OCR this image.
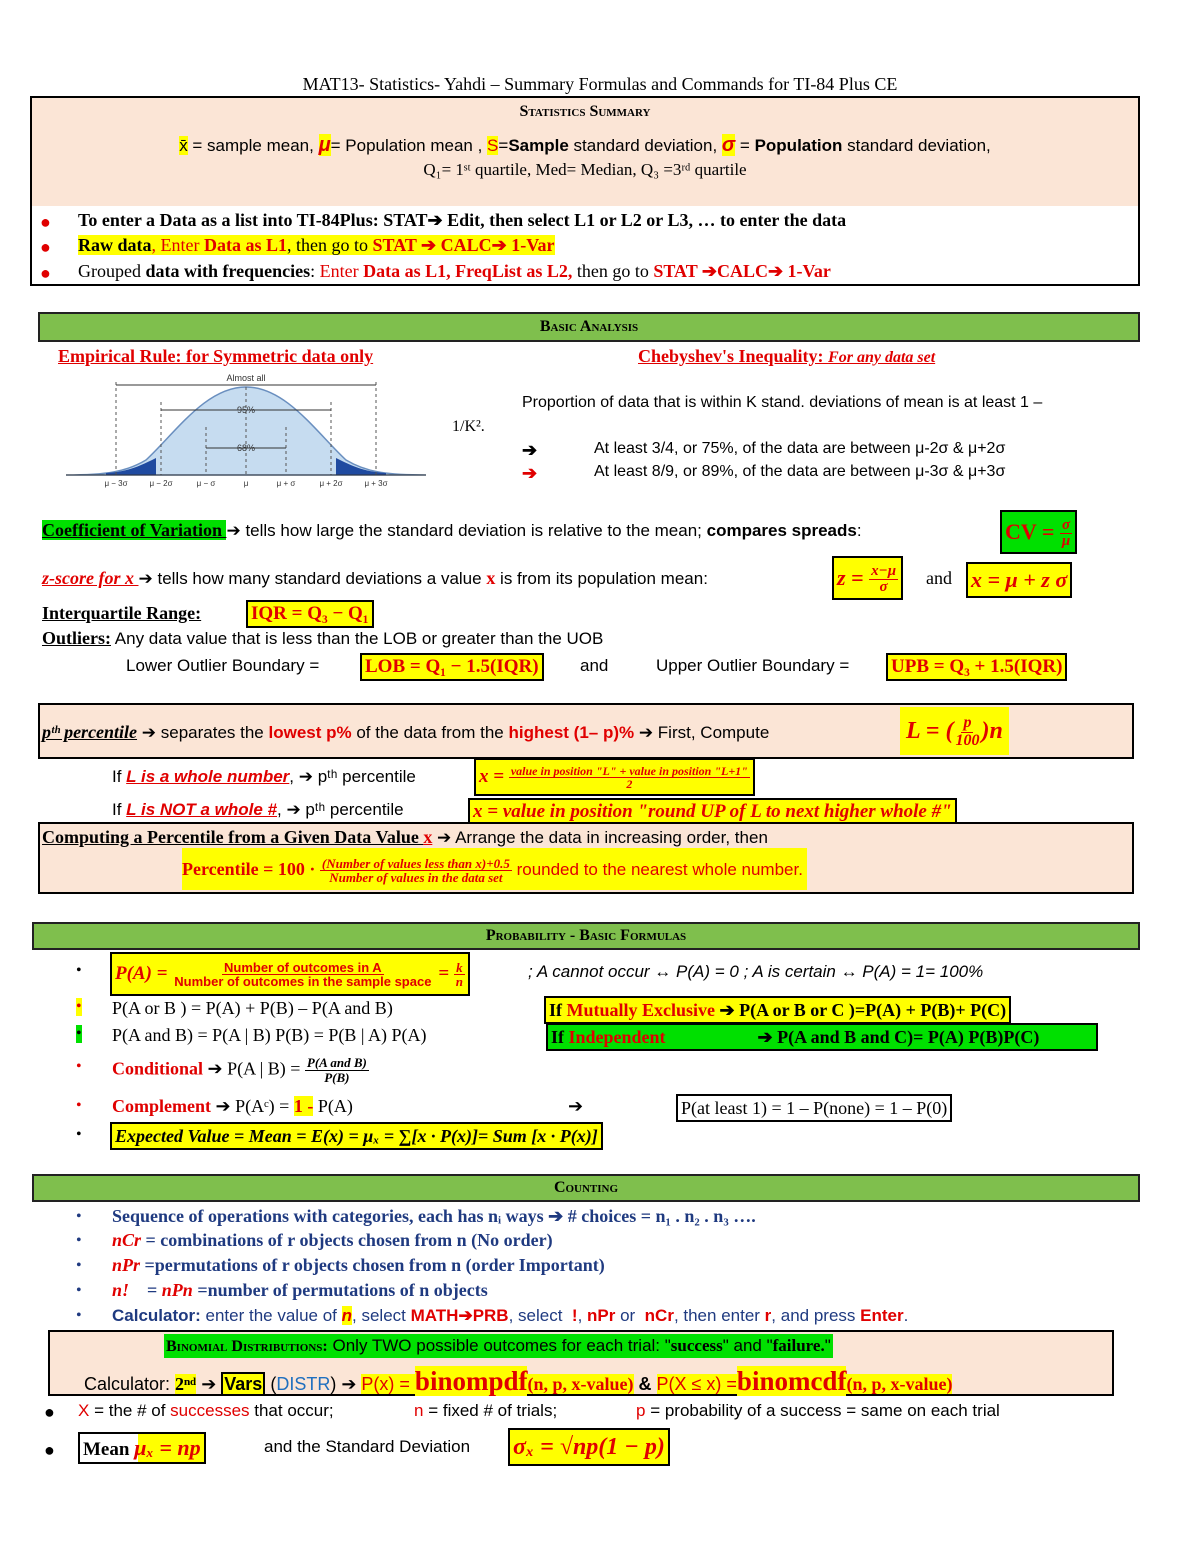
MAT13- Statistics- Yahdi – Summary Formulas and Commands for TI-84 Plus CE
Statistics Summary
x̄ = sample mean, μ= Population mean , S=Sample standard deviation, σ = Population standard deviation,
Q₁= 1ˢᵗ quartile, Med= Median, Q₃ =3ʳᵈ quartile
● To enter a Data as a list into TI-84Plus: STAT➔ Edit, then select L1 or L2 or L3, … to enter the data
● Raw data, Enter Data as L1, then go to STAT ➔ CALC➔ 1-Var
● Grouped data with frequencies: Enter Data as L1, FreqList as L2, then go to STAT ➔CALC➔ 1-Var
Basic Analysis
Empirical Rule: for Symmetric data only	Chebyshev's Inequality: For any data set
Almost all
95%
68%
μ − 3σ	μ − 2σ	μ − σ	μ	μ + σ	μ + 2σ	μ + 3σ
Proportion of data that is within K stand. deviations of mean is at least 1 –
1/K².
➔	At least 3/4, or 75%, of the data are between μ-2σ & μ+2σ
➔	At least 8/9, or 89%, of the data are between μ-3σ & μ+3σ
Coefficient of Variation ➔ tells how large the standard deviation is relative to the mean; compares spreads:	CV = $\frac{\sigma}{\mu}$
z-score for x ➔ tells how many standard deviations a value x is from its population mean:	$z = \frac{x-\mu}{\sigma}$ and x = μ + z σ
Interquartile Range:	IQR = Q₃ − Q₁
Outliers: Any data value that is less than the LOB or greater than the UOB
Lower Outlier Boundary = LOB = Q₁ − 1.5(IQR) and	Upper Outlier Boundary = UPB = Q₃ + 1.5(IQR)
pᵗʰ percentile ➔ separates the lowest p% of the data from the highest (1– p)% ➔ First, Compute	L = ( $\frac{p}{100} )n$
If L is a whole number, ➔ pᵗʰ percentile	$x = \frac{\text{value in position "L" + value in position "L+1"}}{2}$
If L is NOT a whole #, ➔ pᵗʰ percentile	x = value in position "round UP of L to next higher whole #"
Computing a Percentile from a Given Data Value x ➔ Arrange the data in increasing order, then
Percentile = $100 \cdot \frac{\text{(Number of values less than x)+0.5}}{\text{Number of values in the data set}}$ rounded to the nearest whole number.
Probability - Basic Formulas
• $P(A) = \frac{\text{Number of outcomes in A}}{\text{Number of outcomes in the sample space}} = \frac{k}{n}$	; A cannot occur ↔ P(A) = 0 ; A is certain ↔ P(A) = 1= 100%
• P(A or B ) = P(A) + P(B) – P(A and B)	If Mutually Exclusive ➔ P(A or B or C )=P(A) + P(B)+ P(C)
• P(A and B) = P(A | B) P(B) = P(B | A) P(A)	If Independent	➔ P(A and B and C)= P(A) P(B)P(C)
• Conditional ➔ P(A | $B) = \frac{\text{P(A and B)}}{P(B)}$
• Complement ➔ P(Aᶜ) = 1 - P(A)	➔	P(at least 1) = 1 – P(none) = 1 – P(0)
• Expected Value = Mean = E(x) = μₓ = ∑[x · P(x)]= Sum [x · P(x)]
Counting
• Sequence of operations with categories, each has nᵢ ways ➔ # choices = n₁ . n₂ . n₃ ….
• nCr = combinations of r objects chosen from n (No order)
• nPr =permutations of r objects chosen from n (order Important)
• n!    = nPn =number of permutations of n objects
• Calculator: enter the value of n, select MATH➔PRB, select  !, nPr or  nCr, then enter r, and press Enter.
Binomial Distributions: Only TWO possible outcomes for each trial: "success" and "failure."
Calculator: 2ⁿᵈ ➔ Vars (DISTR) ➔ P(x) = binompdf(n, p, x-value) & P(X ≤ x) =binomcdf(n, p, x-value)
● X = the # of successes that occur;	n = fixed # of trials;	p = probability of a success = same on each trial
● Mean μₓ = np	and the Standard Deviation σₓ = √np(1 − p)
